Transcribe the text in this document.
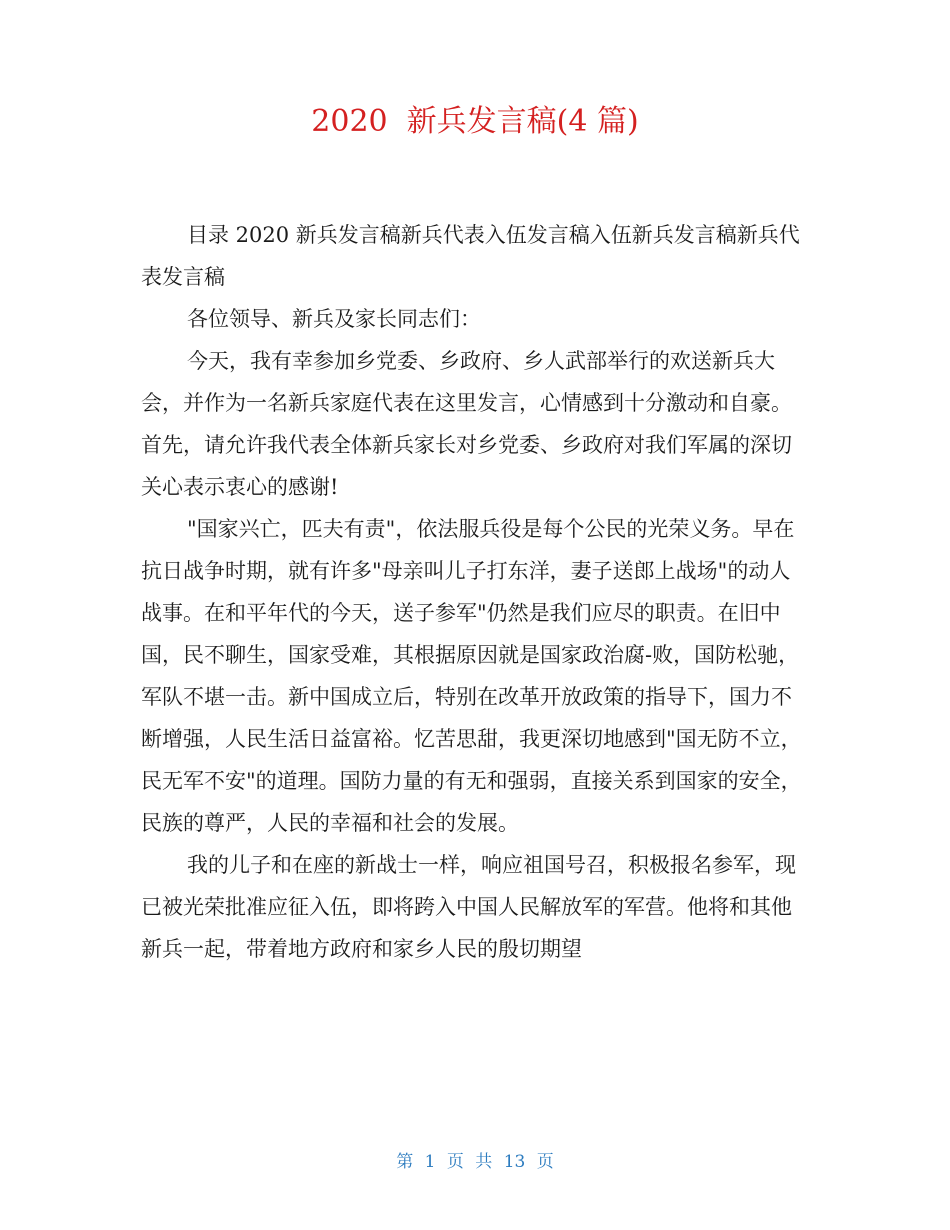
2020  新兵发言稿(4 篇)

目录 2020 新兵发言稿新兵代表入伍发言稿入伍新兵发言稿新兵代表发言稿

各位领导、新兵及家长同志们：

今天，我有幸参加乡党委、乡政府、乡人武部举行的欢送新兵大会，并作为一名新兵家庭代表在这里发言，心情感到十分激动和自豪。首先，请允许我代表全体新兵家长对乡党委、乡政府对我们军属的深切关心表示衷心的感谢!

"国家兴亡，匹夫有责"，依法服兵役是每个公民的光荣义务。早在抗日战争时期，就有许多"母亲叫儿子打东洋，妻子送郎上战场"的动人战事。在和平年代的今天，送子参军"仍然是我们应尽的职责。在旧中国，民不聊生，国家受难，其根据原因就是国家政治腐-败，国防松驰，军队不堪一击。新中国成立后，特别在改革开放政策的指导下，国力不断增强，人民生活日益富裕。忆苦思甜，我更深切地感到"国无防不立，民无军不安"的道理。国防力量的有无和强弱，直接关系到国家的安全，民族的尊严，人民的幸福和社会的发展。

我的儿子和在座的新战士一样，响应祖国号召，积极报名参军，现已被光荣批准应征入伍，即将跨入中国人民解放军的军营。他将和其他新兵一起，带着地方政府和家乡人民的殷切期望

第 1 页 共 13 页
